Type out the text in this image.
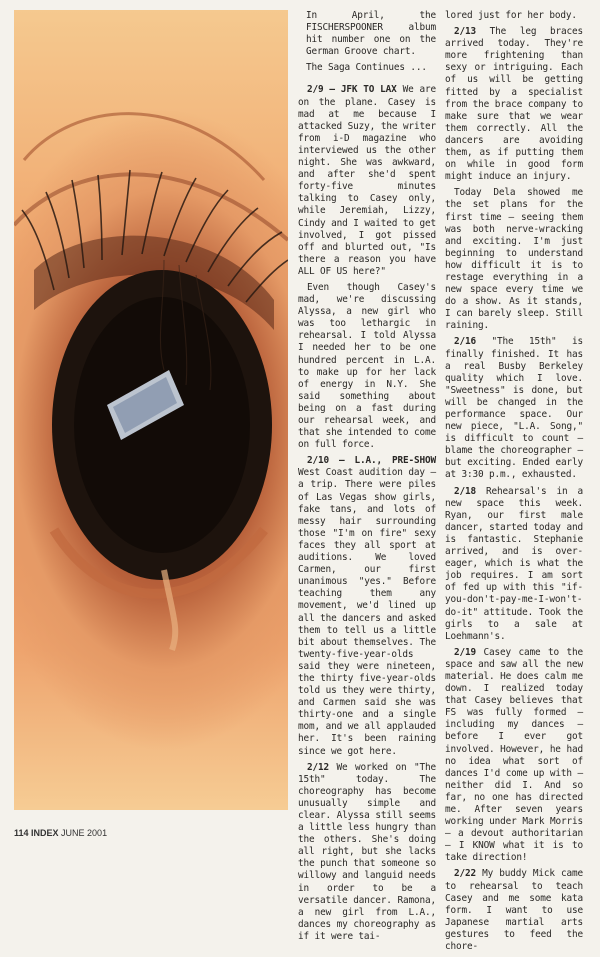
In April, the FISCHERSPOONER album hit number one on the German Groove chart.

The Saga Continues ...

2/9 — JFK TO LAX We are on the plane. Casey is mad at me because I attacked Suzy, the writer from i-D magazine who interviewed us the other night. She was awkward, and after she'd spent forty-five minutes talking to Casey only, while Jeremiah, Lizzy, Cindy and I waited to get involved, I got pissed off and blurted out, "Is there a reason you have ALL OF US here?"

Even though Casey's mad, we're discussing Alyssa, a new girl who was too lethargic in rehearsal. I told Alyssa I needed her to be one hundred percent in L.A. to make up for her lack of energy in N.Y. She said something about being on a fast during our rehearsal week, and that she intended to come on full force.

2/10 — L.A., PRE-SHOW West Coast audition day — a trip. There were piles of Las Vegas show girls, fake tans, and lots of messy hair surrounding those "I'm on fire" sexy faces they all sport at auditions. We loved Carmen, our first unanimous "yes." Before teaching them any movement, we'd lined up all the dancers and asked them to tell us a little bit about themselves. The twenty-five-year-olds said they were nineteen, the thirty five-year-olds told us they were thirty, and Carmen said she was thirty-one and a single mom, and we all applauded her. It's been raining since we got here.

2/12 We worked on "The 15th" today. The choreography has become unusually simple and clear. Alyssa still seems a little less hungry than the others. She's doing all right, but she lacks the punch that someone so willowy and languid needs in order to be a versatile dancer. Ramona, a new girl from L.A., dances my choreography as if it were tai-

lored just for her body.

2/13 The leg braces arrived today. They're more frightening than sexy or intriguing. Each of us will be getting fitted by a specialist from the brace company to make sure that we wear them correctly. All the dancers are avoiding them, as if putting them on while in good form might induce an injury.

Today Dela showed me the set plans for the first time — seeing them was both nerve-wracking and exciting. I'm just beginning to understand how difficult it is to restage everything in a new space every time we do a show. As it stands, I can barely sleep. Still raining.

2/16 "The 15th" is finally finished. It has a real Busby Berkeley quality which I love. "Sweetness" is done, but will be changed in the performance space. Our new piece, "L.A. Song," is difficult to count — blame the choreographer — but exciting. Ended early at 3:30 p.m., exhausted.

2/18 Rehearsal's in a new space this week. Ryan, our first male dancer, started today and is fantastic. Stephanie arrived, and is over-eager, which is what the job requires. I am sort of fed up with this "if-you-don't-pay-me-I-won't-do-it" attitude. Took the girls to a sale at Loehmann's.

2/19 Casey came to the space and saw all the new material. He does calm me down. I realized today that Casey believes that FS was fully formed — including my dances — before I ever got involved. However, he had no idea what sort of dances I'd come up with — neither did I. And so far, no one has directed me. After seven years working under Mark Morris — a devout authoritarian — I KNOW what it is to take direction!

2/22 My buddy Mick came to rehearsal to teach Casey and me some kata form. I want to use Japanese martial arts gestures to feed the chore-

114 INDEX JUNE 2001
